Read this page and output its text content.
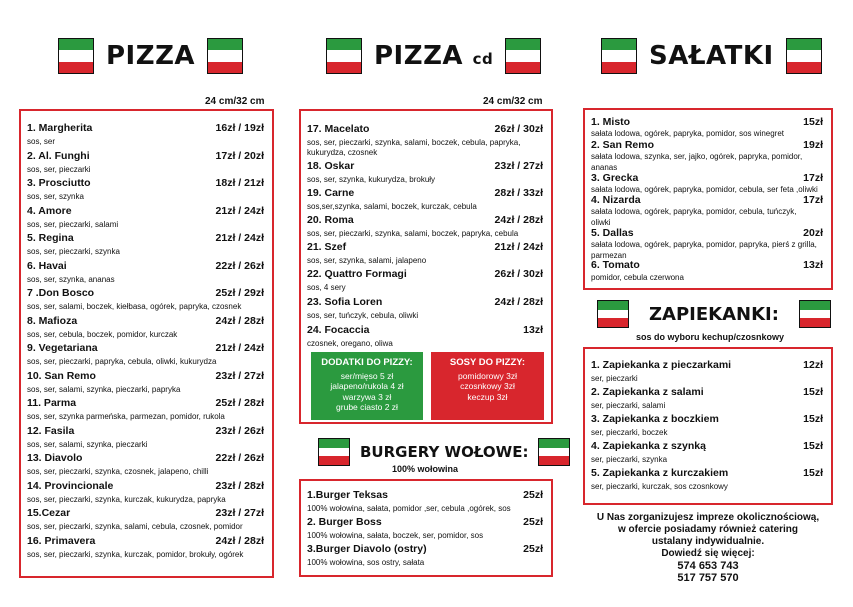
PIZZA
24 cm/32 cm
1. Margherita	16zł / 19zł
sos, ser
2. Al. Funghi	17zł / 20zł
sos, ser, pieczarki
3. Prosciutto	18zł / 21zł
sos, ser, szynka
4. Amore	21zł / 24zł
sos, ser, pieczarki, salami
5. Regina	21zł / 24zł
sos, ser, pieczarki, szynka
6. Havai	22zł / 26zł
sos, ser, szynka, ananas
7 .Don Bosco	25zł / 29zł
sos, ser, salami, boczek, kiełbasa, ogórek, papryka, czosnek
8. Mafioza	24zł / 28zł
sos, ser, cebula, boczek, pomidor, kurczak
9. Vegetariana	21zł / 24zł
sos, ser, pieczarki, papryka, cebula, oliwki, kukurydza
10. San Remo	23zł / 27zł
sos, ser, salami, szynka, pieczarki, papryka
11. Parma	25zł / 28zł
sos, ser, szynka parmeńska, parmezan, pomidor, rukola
12. Fasila	23zł / 26zł
sos, ser, salami, szynka, pieczarki
13. Diavolo	22zł / 26zł
sos, ser, pieczarki, szynka, czosnek, jalapeno, chilli
14. Provincionale	23zł / 28zł
sos, ser, pieczarki, szynka, kurczak, kukurydza, papryka
15.Cezar	23zł / 27zł
sos, ser, pieczarki, szynka, salami, cebula, czosnek, pomidor
16. Primavera	24zł / 28zł
sos, ser, pieczarki, szynka, kurczak, pomidor, brokuły, ogórek
PIZZA cd
24 cm/32 cm
17. Macelato	26zł / 30zł
sos, ser, pieczarki, szynka, salami, boczek, cebula, papryka,
kukurydza, czosnek
18. Oskar	23zł / 27zł
sos, ser, szynka, kukurydza, brokuły
19. Carne	28zł / 33zł
sos,ser,szynka, salami, boczek, kurczak, cebula
20. Roma	24zł / 28zł
sos, ser, pieczarki, szynka, salami, boczek, papryka, cebula
21. Szef	21zł / 24zł
sos, ser, szynka, salami, jalapeno
22. Quattro Formagi	26zł / 30zł
sos, 4 sery
23. Sofia Loren	24zł / 28zł
sos, ser, tuńczyk, cebula, oliwki
24. Focaccia	13zł
czosnek, oregano, oliwa
DODATKI DO PIZZY:
ser/mięso 5 zł
jalapeno/rukola 4 zł
warzywa 3 zł
grube ciasto 2 zł
SOSY DO PIZZY:
pomidorowy 3zł
czosnkowy 3zł
keczup 3zł
BURGERY WOŁOWE:
100% wołowina
1.Burger Teksas	25zł
100% wołowina, sałata, pomidor ,ser, cebula ,ogórek, sos
2. Burger Boss	25zł
100% wołowina, sałata, boczek, ser, pomidor, sos
3.Burger Diavolo (ostry)	25zł
100% wołowina, sos ostry, sałata
SAŁATKI
1. Misto	15zł
sałata lodowa, ogórek, papryka, pomidor, sos winegret
2. San Remo	19zł
sałata lodowa, szynka, ser, jajko, ogórek, papryka, pomidor,
ananas
3. Grecka	17zł
sałata lodowa, ogórek, papryka, pomidor, cebula, ser feta ,oliwki
4. Nizarda	17zł
sałata lodowa, ogórek, papryka, pomidor, cebula, tuńczyk,
oliwki
5. Dallas	20zł
sałata lodowa, ogórek, papryka, pomidor, papryka, pierś z grilla,
parmezan
6. Tomato	13zł
pomidor, cebula czerwona
ZAPIEKANKI:
sos do wyboru kechup/czosnkowy
1. Zapiekanka z pieczarkami	12zł
ser, pieczarki
2. Zapiekanka z salami	15zł
ser, pieczarki, salami
3. Zapiekanka z boczkiem	15zł
ser, pieczarki, boczek
4. Zapiekanka z szynką	15zł
ser, pieczarki, szynka
5. Zapiekanka z kurczakiem	15zł
ser, pieczarki, kurczak, sos czosnkowy
U Nas zorganizujesz impreze okolicznościową,
w ofercie posiadamy również catering
ustalany indywidualnie.
Dowiedź się więcej:
574 653 743
517 757 570
